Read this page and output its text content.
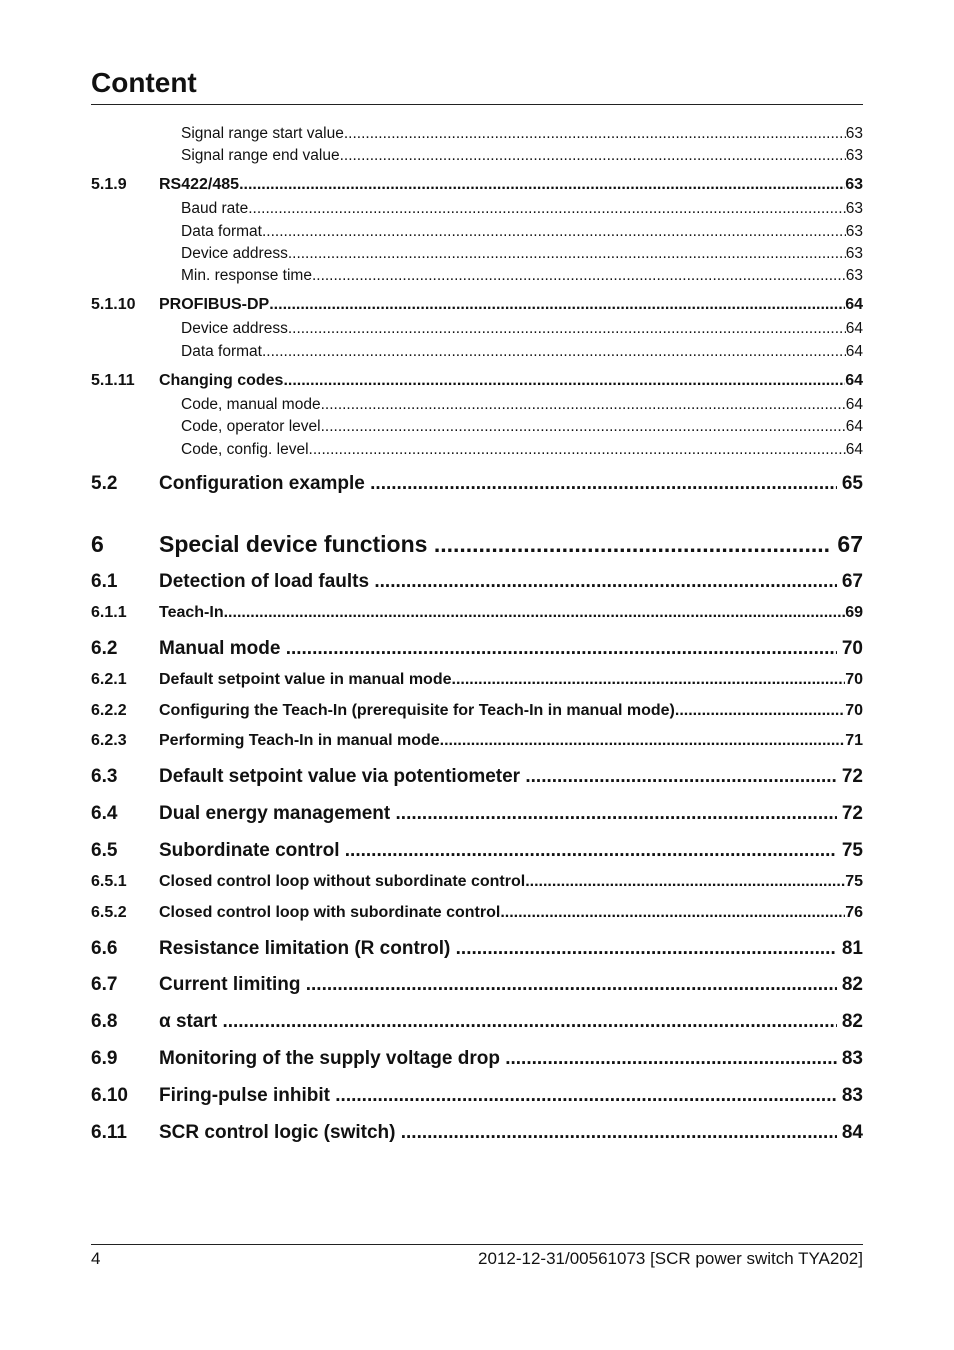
Content
Signal range start value .....	63
Signal range end value .....	63
5.1.9	RS422/485 .....	63
Baud rate .....	63
Data format .....	63
Device address .....	63
Min. response time .....	63
5.1.10	PROFIBUS-DP .....	64
Device address .....	64
Data format .....	64
5.1.11	Changing codes .....	64
Code, manual mode .....	64
Code, operator level .....	64
Code, config. level .....	64
5.2	Configuration example .....	65
6	Special device functions .....	67
6.1	Detection of load faults .....	67
6.1.1	Teach-In .....	69
6.2	Manual mode .....	70
6.2.1	Default setpoint value in manual mode .....	70
6.2.2	Configuring the Teach-In (prerequisite for Teach-In in manual mode) .....	70
6.2.3	Performing Teach-In in manual mode .....	71
6.3	Default setpoint value via potentiometer .....	72
6.4	Dual energy management .....	72
6.5	Subordinate control .....	75
6.5.1	Closed control loop without subordinate control .....	75
6.5.2	Closed control loop with subordinate control .....	76
6.6	Resistance limitation (R control) .....	81
6.7	Current limiting .....	82
6.8	α start .....	82
6.9	Monitoring of the supply voltage drop .....	83
6.10	Firing-pulse inhibit .....	83
6.11	SCR control logic (switch) .....	84
4	2012-12-31/00561073 [SCR power switch TYA202]
